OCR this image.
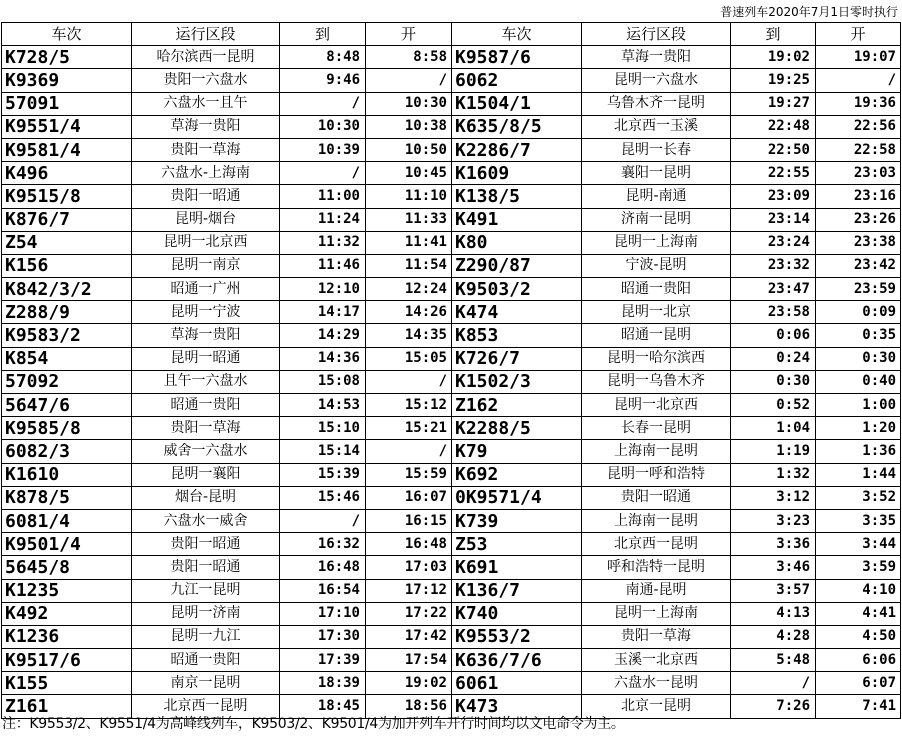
普速列车2020年7月1日零时执行
车次	运行区段	到	开	车次	运行区段	到	开
K728/5	哈尔滨西一昆明	8:48	8:58	K9587/6	草海一贵阳	19:02	19:07
K9369	贵阳一六盘水	9:46	/	6062	昆明一六盘水	19:25	/
57091	六盘水一且午	/	10:30	K1504/1	乌鲁木齐一昆明	19:27	19:36
K9551/4	草海一贵阳	10:30	10:38	K635/8/5	北京西一玉溪	22:48	22:56
K9581/4	贵阳一草海	10:39	10:50	K2286/7	昆明一长春	22:50	22:58
K496	六盘水-上海南	/	10:45	K1609	襄阳一昆明	22:55	23:03
K9515/8	贵阳一昭通	11:00	11:10	K138/5	昆明-南通	23:09	23:16
K876/7	昆明-烟台	11:24	11:33	K491	济南一昆明	23:14	23:26
Z54	昆明一北京西	11:32	11:41	K80	昆明一上海南	23:24	23:38
K156	昆明一南京	11:46	11:54	Z290/87	宁波-昆明	23:32	23:42
K842/3/2	昭通一广州	12:10	12:24	K9503/2	昭通一贵阳	23:47	23:59
Z288/9	昆明一宁波	14:17	14:26	K474	昆明一北京	23:58	0:09
K9583/2	草海一贵阳	14:29	14:35	K853	昭通一昆明	0:06	0:35
K854	昆明一昭通	14:36	15:05	K726/7	昆明一哈尔滨西	0:24	0:30
57092	且午一六盘水	15:08	/	K1502/3	昆明一乌鲁木齐	0:30	0:40
5647/6	昭通一贵阳	14:53	15:12	Z162	昆明一北京西	0:52	1:00
K9585/8	贵阳一草海	15:10	15:21	K2288/5	长春一昆明	1:04	1:20
6082/3	威舍一六盘水	15:14	/	K79	上海南一昆明	1:19	1:36
K1610	昆明一襄阳	15:39	15:59	K692	昆明一呼和浩特	1:32	1:44
K878/5	烟台-昆明	15:46	16:07	0K9571/4	贵阳一昭通	3:12	3:52
6081/4	六盘水一威舍	/	16:15	K739	上海南一昆明	3:23	3:35
K9501/4	贵阳一昭通	16:32	16:48	Z53	北京西一昆明	3:36	3:44
5645/8	贵阳一昭通	16:48	17:03	K691	呼和浩特一昆明	3:46	3:59
K1235	九江一昆明	16:54	17:12	K136/7	南通-昆明	3:57	4:10
K492	昆明一济南	17:10	17:22	K740	昆明一上海南	4:13	4:41
K1236	昆明一九江	17:30	17:42	K9553/2	贵阳一草海	4:28	4:50
K9517/6	昭通一贵阳	17:39	17:54	K636/7/6	玉溪一北京西	5:48	6:06
K155	南京一昆明	18:39	19:02	6061	六盘水一昆明	/	6:07
Z161	北京西一昆明	18:45	18:56	K473	北京一昆明	7:26	7:41
注：K9553/2、K9551/4为高峰线列车，K9503/2、K9501/4为加开列车开行时间均以文电命令为主。
